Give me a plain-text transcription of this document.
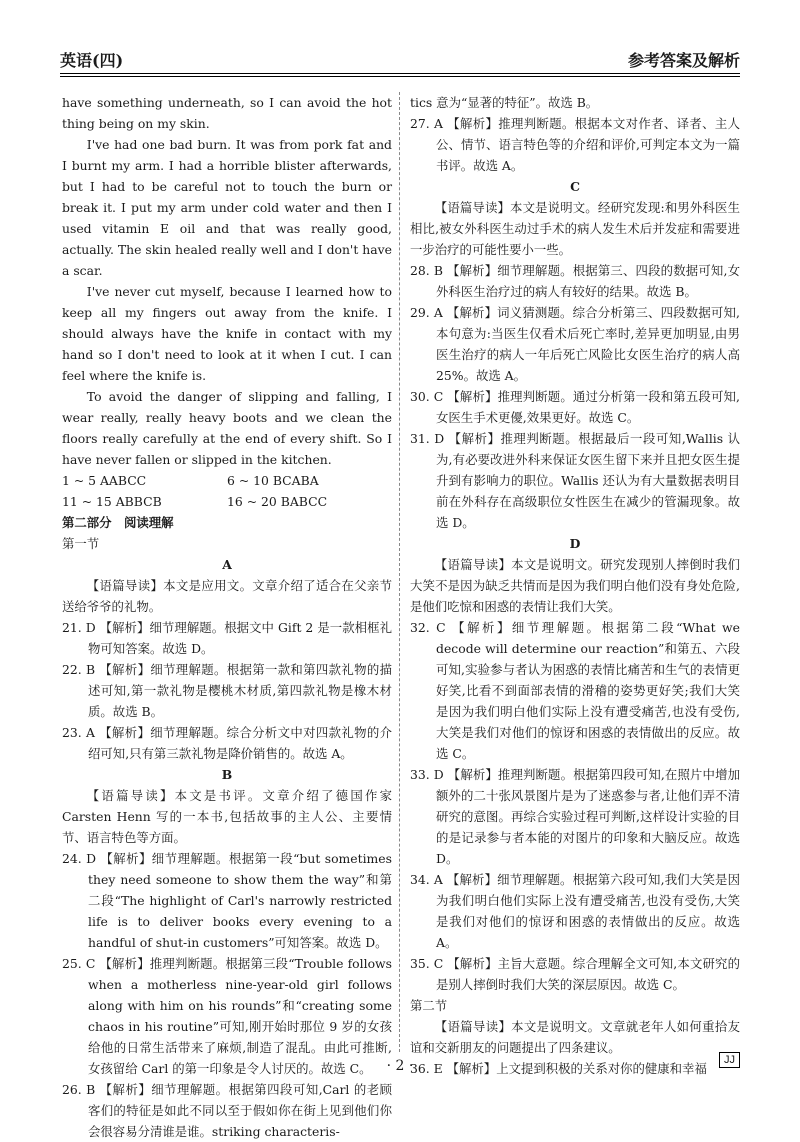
英语(四)	参考答案及解析

have something underneath, so I can avoid the hot thing being on my skin.

I've had one bad burn. It was from pork fat and I burnt my arm. I had a horrible blister afterwards, but I had to be careful not to touch the burn or break it. I put my arm under cold water and then I used vitamin E oil and that was really good, actually. The skin healed really well and I don't have a scar.

I've never cut myself, because I learned how to keep all my fingers out away from the knife. I should always have the knife in contact with my hand so I don't need to look at it when I cut. I can feel where the knife is.

To avoid the danger of slipping and falling, I wear really, really heavy boots and we clean the floors really carefully at the end of every shift. So I have never fallen or slipped in the kitchen.

1 ~ 5 AABCC	6 ~ 10 BCABA
11 ~ 15 ABBCB	16 ~ 20 BABCC

第二部分　阅读理解

第一节

A

【语篇导读】本文是应用文。文章介绍了适合在父亲节送给爷爷的礼物。

21. D 【解析】细节理解题。根据文中 Gift 2 是一款相框礼物可知答案。故选 D。

22. B 【解析】细节理解题。根据第一款和第四款礼物的描述可知,第一款礼物是樱桃木材质,第四款礼物是橡木材质。故选 B。

23. A 【解析】细节理解题。综合分析文中对四款礼物的介绍可知,只有第三款礼物是降价销售的。故选 A。

B

【语篇导读】本文是书评。文章介绍了德国作家 Carsten Henn 写的一本书,包括故事的主人公、主要情节、语言特色等方面。

24. D 【解析】细节理解题。根据第一段“but sometimes they need someone to show them the way”和第二段“The highlight of Carl's narrowly restricted life is to deliver books every evening to a handful of shut-in customers”可知答案。故选 D。

25. C 【解析】推理判断题。根据第三段“Trouble follows when a motherless nine-year-old girl follows along with him on his rounds”和“creating some chaos in his routine”可知,刚开始时那位 9 岁的女孩给他的日常生活带来了麻烦,制造了混乱。由此可推断,女孩留给 Carl 的第一印象是令人讨厌的。故选 C。

26. B 【解析】细节理解题。根据第四段可知,Carl 的老顾客们的特征是如此不同以至于假如你在街上见到他们你会很容易分清谁是谁。striking characteris-

tics 意为“显著的特征”。故选 B。

27. A 【解析】推理判断题。根据本文对作者、译者、主人公、情节、语言特色等的介绍和评价,可判定本文为一篇书评。故选 A。

C

【语篇导读】本文是说明文。经研究发现:和男外科医生相比,被女外科医生动过手术的病人发生术后并发症和需要进一步治疗的可能性要小一些。

28. B 【解析】细节理解题。根据第三、四段的数据可知,女外科医生治疗过的病人有较好的结果。故选 B。

29. A 【解析】词义猜测题。综合分析第三、四段数据可知,本句意为:当医生仅看术后死亡率时,差异更加明显,由男医生治疗的病人一年后死亡风险比女医生治疗的病人高 25%。故选 A。

30. C 【解析】推理判断题。通过分析第一段和第五段可知,女医生手术更優,效果更好。故选 C。

31. D 【解析】推理判断题。根据最后一段可知,Wallis 认为,有必要改进外科来保证女医生留下来并且把女医生提升到有影响力的职位。Wallis 还认为有大量数据表明目前在外科存在高级职位女性医生在减少的管漏现象。故选 D。

D

【语篇导读】本文是说明文。研究发现别人摔倒时我们大笑不是因为缺乏共情而是因为我们明白他们没有身处危险,是他们吃惊和困惑的表情让我们大笑。

32. C 【解析】细节理解题。根据第二段“What we decode will determine our reaction”和第五、六段可知,实验参与者认为困惑的表情比痛苦和生气的表情更好笑,比看不到面部表情的滑稽的姿势更好笑;我们大笑是因为我们明白他们实际上没有遭受痛苦,也没有受伤,大笑是我们对他们的惊讶和困惑的表情做出的反应。故选 C。

33. D 【解析】推理判断题。根据第四段可知,在照片中增加额外的二十张风景图片是为了迷惑参与者,让他们弄不清研究的意图。再综合实验过程可判断,这样设计实验的目的是记录参与者本能的对图片的印象和大脑反应。故选 D。

34. A 【解析】细节理解题。根据第六段可知,我们大笑是因为我们明白他们实际上没有遭受痛苦,也没有受伤,大笑是我们对他们的惊讶和困惑的表情做出的反应。故选 A。

35. C 【解析】主旨大意题。综合理解全文可知,本文研究的是别人摔倒时我们大笑的深层原因。故选 C。

第二节

【语篇导读】本文是说明文。文章就老年人如何重拾友谊和交新朋友的问题提出了四条建议。

36. E 【解析】上文提到积极的关系对你的健康和幸福

· 2 ·	JJ
